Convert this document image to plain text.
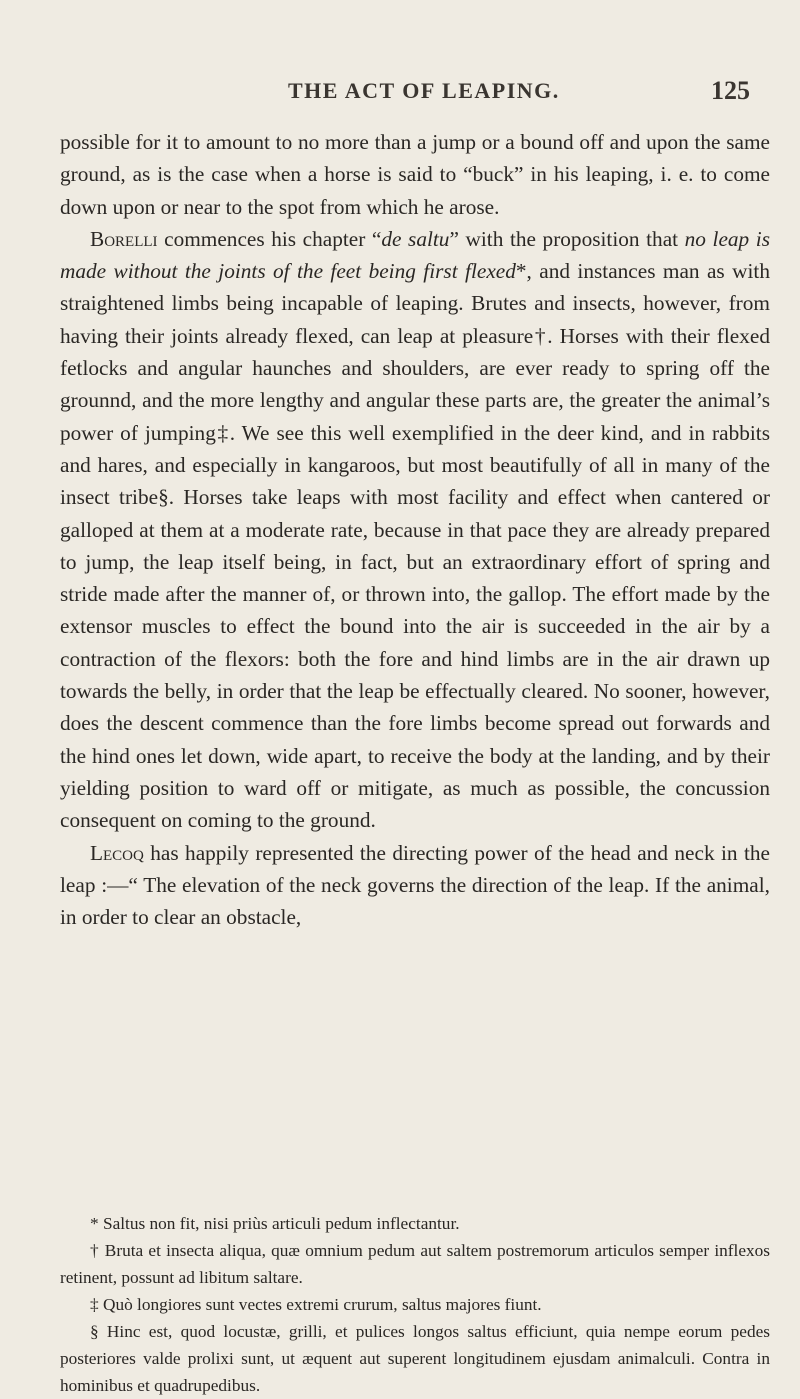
THE ACT OF LEAPING.	125

possible for it to amount to no more than a jump or a bound off and upon the same ground, as is the case when a horse is said to “buck” in his leaping, i. e. to come down upon or near to the spot from which he arose.

Borelli commences his chapter “de saltu” with the proposition that no leap is made without the joints of the feet being first flexed*, and instances man as with straightened limbs being incapable of leaping. Brutes and insects, however, from having their joints already flexed, can leap at pleasure†. Horses with their flexed fetlocks and angular haunches and shoulders, are ever ready to spring off the grounnd, and the more lengthy and angular these parts are, the greater the animal’s power of jumping‡. We see this well exemplified in the deer kind, and in rabbits and hares, and especially in kangaroos, but most beautifully of all in many of the insect tribe§. Horses take leaps with most facility and effect when cantered or galloped at them at a moderate rate, because in that pace they are already prepared to jump, the leap itself being, in fact, but an extraordinary effort of spring and stride made after the manner of, or thrown into, the gallop. The effort made by the extensor muscles to effect the bound into the air is succeeded in the air by a contraction of the flexors: both the fore and hind limbs are in the air drawn up towards the belly, in order that the leap be effectually cleared. No sooner, however, does the descent commence than the fore limbs become spread out forwards and the hind ones let down, wide apart, to receive the body at the landing, and by their yielding position to ward off or mitigate, as much as possible, the concussion consequent on coming to the ground.

Lecoq has happily represented the directing power of the head and neck in the leap :—“ The elevation of the neck governs the direction of the leap. If the animal, in order to clear an obstacle,

* Saltus non fit, nisi priùs articuli pedum inflectantur.

† Bruta et insecta aliqua, quæ omnium pedum aut saltem postremorum articulos semper inflexos retinent, possunt ad libitum saltare.

‡ Quò longiores sunt vectes extremi crurum, saltus majores fiunt.

§ Hinc est, quod locustæ, grilli, et pulices longos saltus efficiunt, quia nempe eorum pedes posteriores valde prolixi sunt, ut æquent aut superent longitudinem ejusdam animalculi. Contra in hominibus et quadrupedibus.
